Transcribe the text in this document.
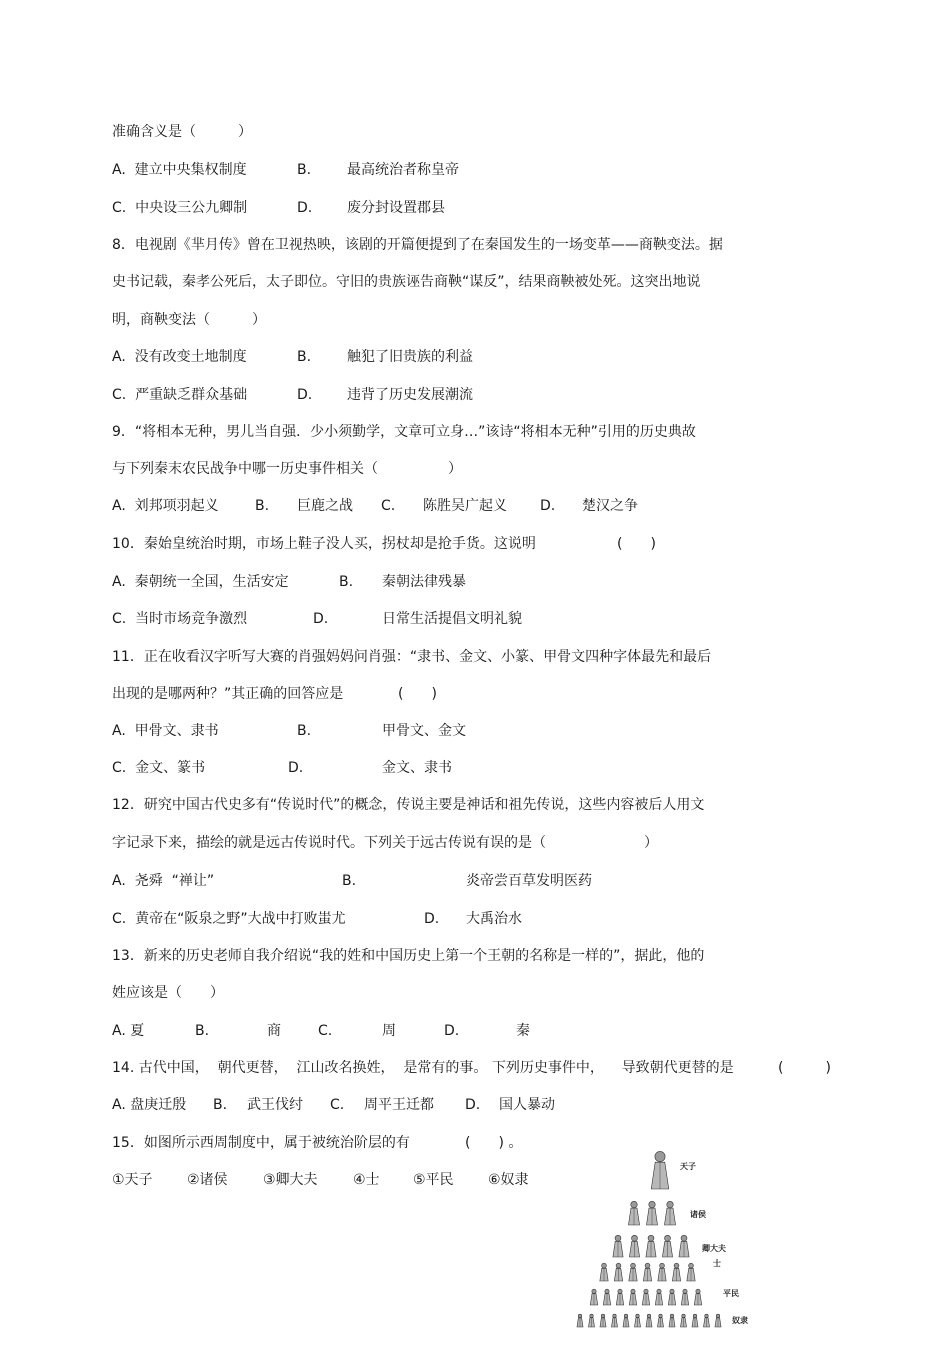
准确含义是（　　　）
A.  建立中央集权制度	B.	最高统治者称皇帝
C.  中央设三公九卿制	D. 废分封设置郡县
8．电视剧《芈月传》曾在卫视热映，该剧的开篇便提到了在秦国发生的一场变革——商鞅变法。据
史书记载，秦孝公死后，太子即位。守旧的贵族诬告商鞅“谋反”，结果商鞅被处死。这突出地说
明，商鞅变法（　　　）
A.  没有改变土地制度	B.	触犯了旧贵族的利益
C.  严重缺乏群众基础	D. 违背了历史发展潮流
9．“将相本无种，男儿当自强．少小须勤学，文章可立身…”该诗“将相本无种”引用的历史典故
与下列秦末农民战争中哪一历史事件相关（　　　　　）
A.  刘邦项羽起义	B. 巨鹿之战 C. 陈胜吴广起义 D. 楚汉之争
10．秦始皇统治时期，市场上鞋子没人买，拐杖却是抢手货。这说明	(　　)
A.  秦朝统一全国，生活安定	B. 秦朝法律残暴
C.  当时市场竞争激烈	D.	日常生活提倡文明礼貌
11．正在收看汉字听写大赛的肖强妈妈问肖强：“隶书、金文、小篆、甲骨文四种字体最先和最后
出现的是哪两种？”其正确的回答应是	(　　)
A.  甲骨文、隶书	B.	甲骨文、金文
C.  金文、篆书	D.	金文、隶书
12．研究中国古代史多有“传说时代”的概念，传说主要是神话和祖先传说，这些内容被后人用文
字记录下来，描绘的就是远古传说时代。下列关于远古传说有误的是（　　　　　　　）
A.  尧舜  “禅让”	B.	炎帝尝百草发明医药
C.  黄帝在“阪泉之野”大战中打败蚩尤	D. 大禹治水
13．新来的历史老师自我介绍说“我的姓和中国历史上第一个王朝的名称是一样的”，据此，他的
姓应该是（　　）
A. 夏	B.	商	C.	周	D.	秦
14. 古代中国，  朝代更替，  江山改名换姓，  是常有的事。 下列历史事件中，    导致朝代更替的是	(　　　)
A. 盘庚迁殷 B. 武王伐纣 C. 周平王迁都 D. 国人暴动
15．如图所示西周制度中，属于被统治阶层的有	(　　) 。
①天子	②诸侯	③卿大夫	④士	⑤平民	⑥奴隶
天子
诸侯
卿大夫
士
平民
奴隶
